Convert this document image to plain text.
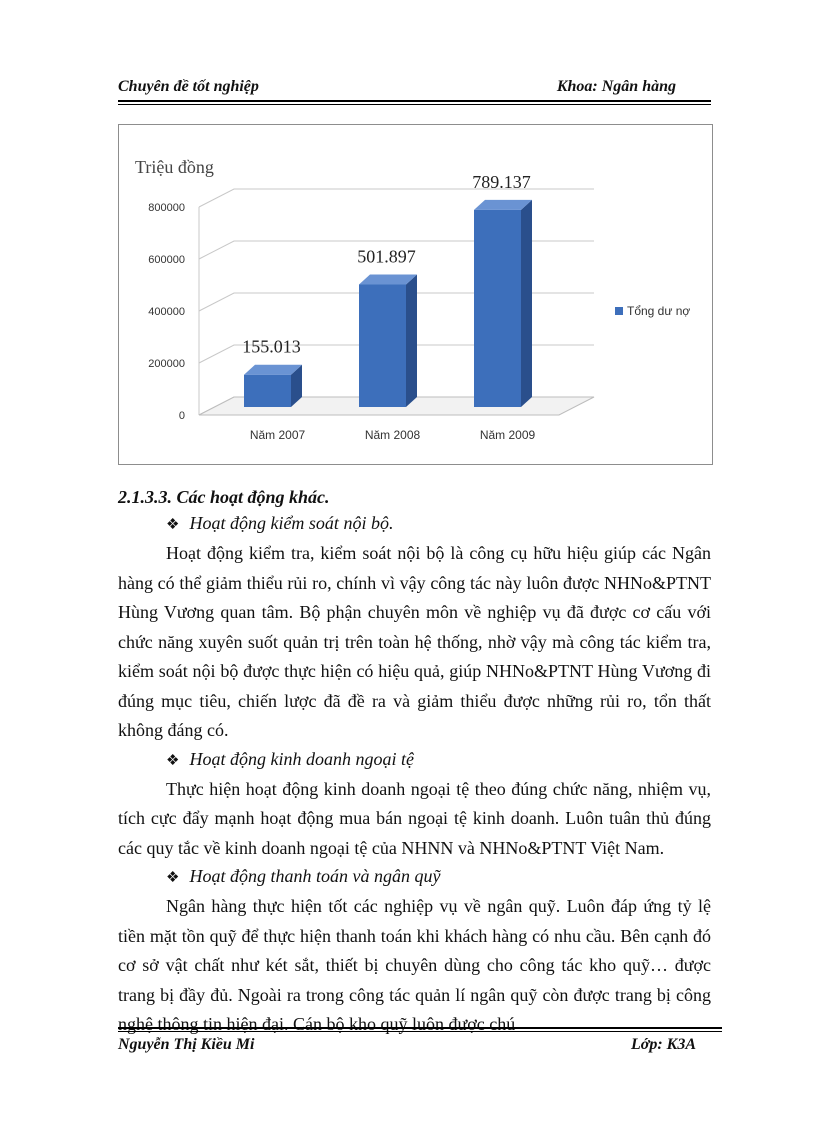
Chuyên đề tốt nghiệp	Khoa: Ngân hàng
0
200000
400000
600000
800000
Năm 2007	Năm 2008	Năm 2009
155.013
501.897
789.137
Triệu đồng
Tổng dư nợ
2.1.3.3. Các hoạt động khác.
❖ Hoạt động kiểm soát nội bộ.
Hoạt động kiểm tra, kiểm soát nội bộ là công cụ hữu hiệu giúp các Ngân hàng có thể giảm thiểu rủi ro, chính vì vậy công tác này luôn được NHNo&PTNT Hùng Vương quan tâm. Bộ phận chuyên môn về nghiệp vụ đã được cơ cấu với chức năng xuyên suốt quản trị trên toàn hệ thống, nhờ vậy mà công tác kiểm tra, kiểm soát nội bộ được thực hiện có hiệu quả, giúp NHNo&PTNT Hùng Vương đi đúng mục tiêu, chiến lược đã đề ra và giảm thiểu được những rủi ro, tổn thất không đáng có.
❖ Hoạt động kinh doanh ngoại tệ
Thực hiện hoạt động kinh doanh ngoại tệ theo đúng chức năng, nhiệm vụ, tích cực đẩy mạnh hoạt động mua bán ngoại tệ kinh doanh. Luôn tuân thủ đúng các quy tắc về kinh doanh ngoại tệ của NHNN và NHNo&PTNT Việt Nam.
❖ Hoạt động thanh toán và ngân quỹ
Ngân hàng thực hiện tốt các nghiệp vụ về ngân quỹ. Luôn đáp ứng tỷ lệ tiền mặt tồn quỹ để thực hiện thanh toán khi khách hàng có nhu cầu. Bên cạnh đó cơ sở vật chất như két sắt, thiết bị chuyên dùng cho công tác kho quỹ… được trang bị đầy đủ. Ngoài ra trong công tác quản lí ngân quỹ còn được trang bị công nghệ thông tin hiện đại. Cán bộ kho quỹ luôn được chú
Nguyễn Thị Kiều Mi	Lớp: K3A
